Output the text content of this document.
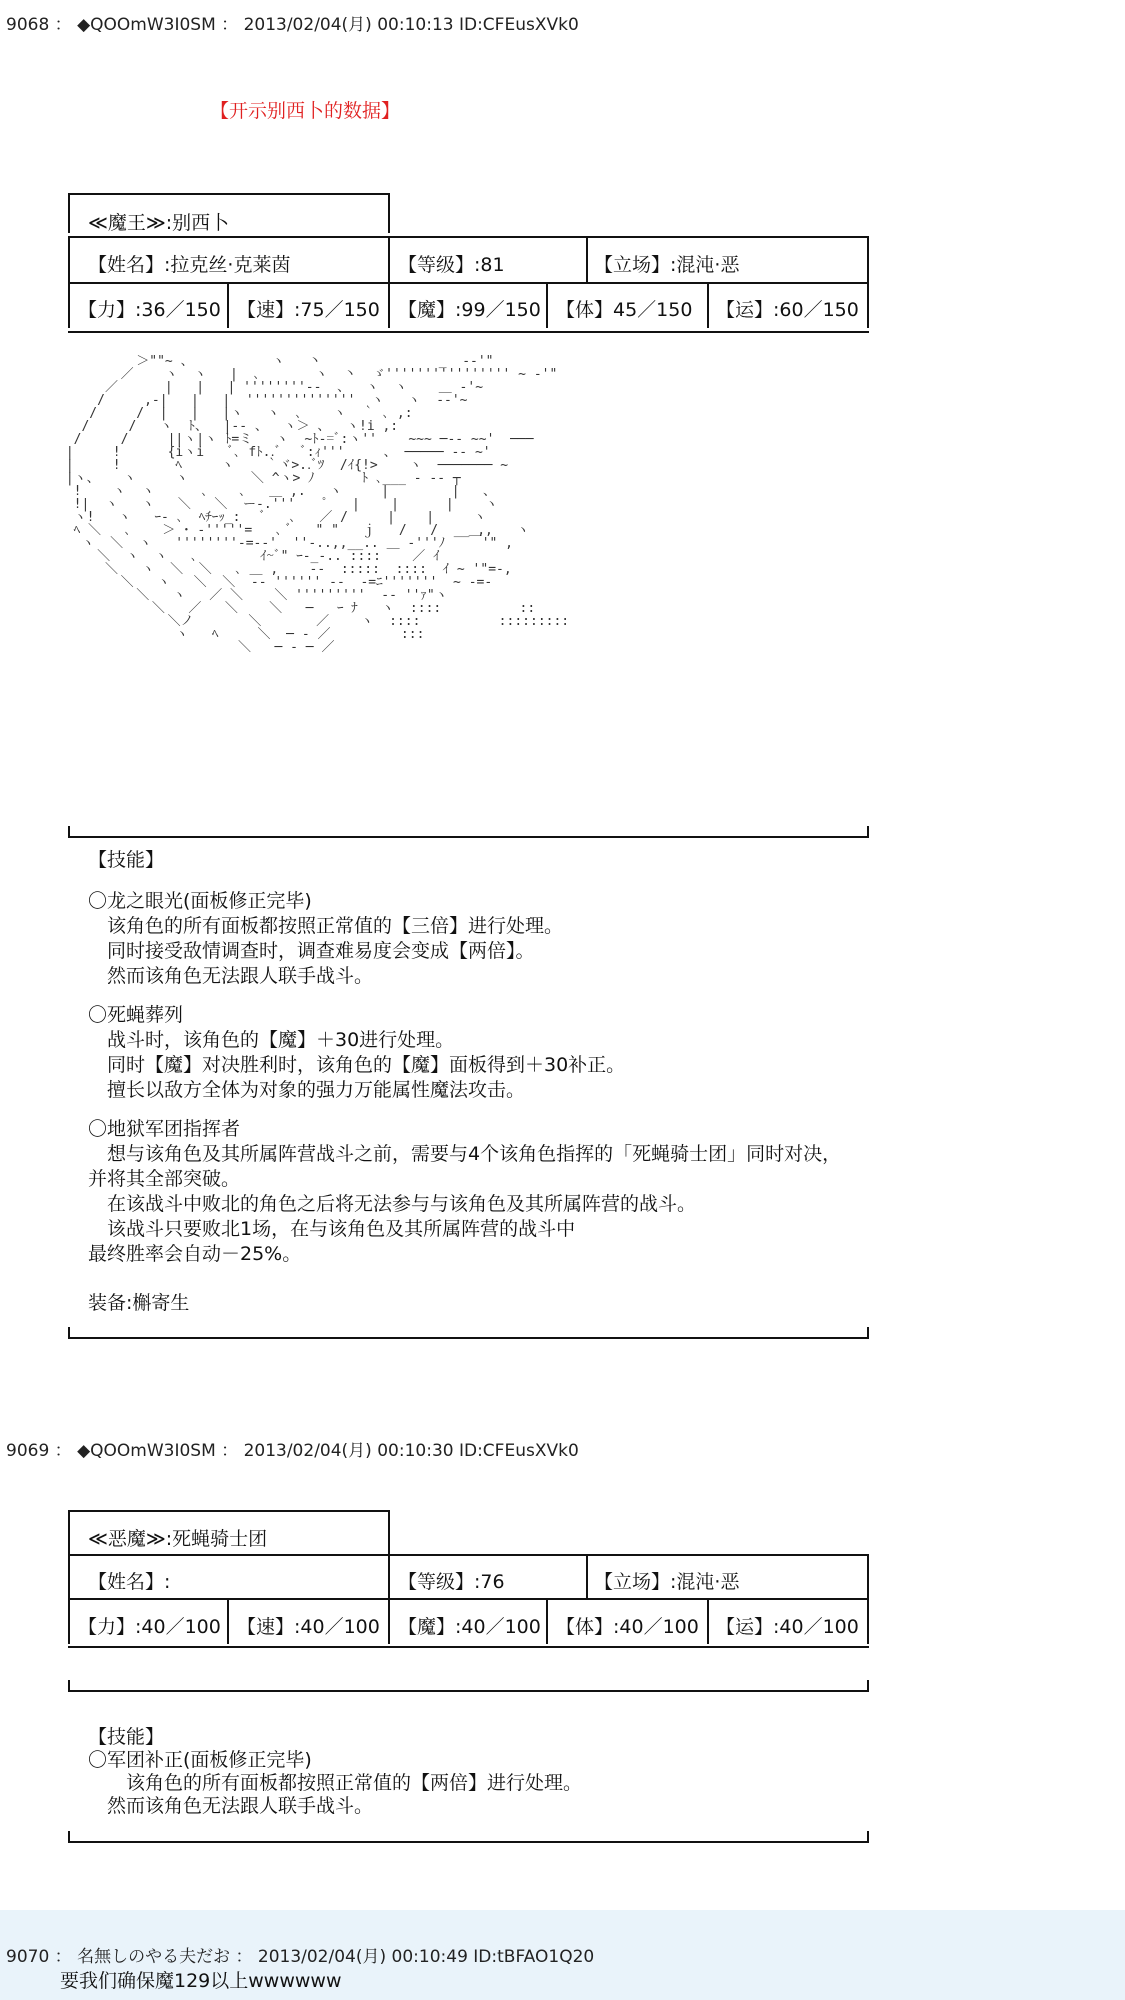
9068 ： ◆QOOmW3I0SM ： 2013/02/04(月) 00:10:13 ID:CFEusXVk0
【开示别西卜的数据】
≪魔王≫:别西卜
【姓名】:拉克丝·克莱茵	【等级】:81	【立场】:混沌·恶
【力】:36／150 【速】:75／150 【魔】:99／150 【体】45／150 【运】:60／150
＞""~ 、          ヽ   丶               _  -‐'"
／    ヽ  ヽ   |  ､       ヽ  丶  ゞ'''''''''''''''' ~ ‐'"
／      |   |   | ''''''''‐-  、  ヽ  ヽ    ＿ ‐'~
/     ,-|   |   |  ''''''''''''''  ヽ   ヽ  -‐'~
/     /  |   |   |ヽ   ヽ  ､    ヽ  ｀ ､ ,:
/     /   ヽ  ﾄ、  |-‐ 、  ヽ＞ 、  ヽ!i ,:
/     /     ||ヽ|ヽ ﾄ=ミ   ヽ  ~ﾄ-=ﾞ:ヽ''    ~~~ ─-- ~~'  ───
|     !      {iヽi   ﾞ､ fﾄ..ﾞ   ﾞ:ｨ'''     、 ───── -- ~'
|     !       ﾍ     ヽ    ｀ヾ>..ﾞﾂ  /ｲ{!>    ヽ  ─────── ~
|ヽ、   ヽ     ヽ        ＼ ^ヽ> ﾉ      ﾄ ､___ ‐ -- ┬
!    ヽ  ヽ      ､    ､   ＿ ,.   ヽ     |        |   、
!|  ヽ   ヽ   ＼   ＼  ー-.'''    ﾟ   |    |      |    ヽ
ヽ!   ヽ   ｰ‐ ､  ﾍﾁｰｯ_:   ﾞ   ､   ／ /     |    |     ヽ
ﾍ ＼   ､    ＞ ･ ‐'''''=   ､ ﾞ   " "   ｊ   /   /  __ ,,   ヽ
ヽ  ＼  ヽ   ''''''''‐=-‐'  ''-..,,__.. ＿ -'''ﾉ   ￣'" ,
＼  ヽ  ヽ   ､        ｲ~ﾞ" ｰ-_-.. ::::    ／ ｲ
＼   ヽ  ＼  ＼   ､ ＿ ,    -‐  :::::  ::::  ｲ ~ '"=-,
＼   ヽ   ＼  ＼  -‐ '''''' ‐-  -=ﾆ'''''''  ~ -=‐
＼   ヽ   ／ ＼    ＼ '''''''''  -‐ ''ｧ"ヽ
＼   ／   ＼    ＼   ─   ｰ ﾅ   ヽ  ::::          ::
＼ノ       ＼       ／    ヽ  ::::          :::::::::
ヽ   ﾍ     ＼  ─ ‐ ／         :::
＼   ─ ‐ ─ ／
【技能】
〇龙之眼光(面板修正完毕)
　该角色的所有面板都按照正常值的【三倍】进行处理。
　同时接受敌情调查时，调查难易度会变成【两倍】。
　然而该角色无法跟人联手战斗。
〇死蝇葬列
　战斗时，该角色的【魔】＋30进行处理。
　同时【魔】对决胜利时，该角色的【魔】面板得到＋30补正。
　擅长以敌方全体为对象的强力万能属性魔法攻击。
〇地狱军团指挥者
　想与该角色及其所属阵营战斗之前，需要与4个该角色指挥的「死蝇骑士团」同时对决，
并将其全部突破。
　在该战斗中败北的角色之后将无法参与与该角色及其所属阵营的战斗。
　该战斗只要败北1场，在与该角色及其所属阵营的战斗中
最终胜率会自动－25%。
装备:槲寄生
9069 ： ◆QOOmW3I0SM ： 2013/02/04(月) 00:10:30 ID:CFEusXVk0
≪恶魔≫:死蝇骑士团
【姓名】:	【等级】:76	【立场】:混沌·恶
【力】:40／100 【速】:40／100 【魔】:40／100 【体】:40／100 【运】:40／100
【技能】
〇军团补正(面板修正完毕)
　　该角色的所有面板都按照正常值的【两倍】进行处理。
　然而该角色无法跟人联手战斗。
9070 ： 名無しのやる夫だお ： 2013/02/04(月) 00:10:49 ID:tBFAO1Q20
要我们确保魔129以上wwwwww
